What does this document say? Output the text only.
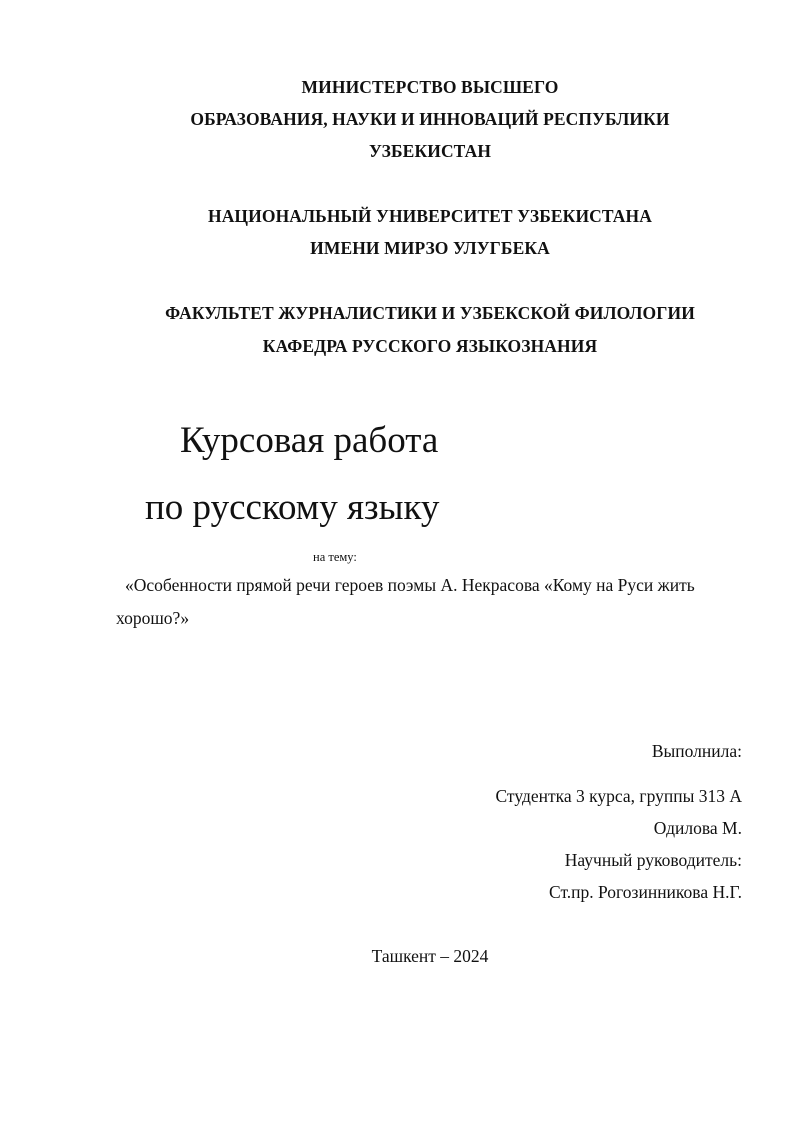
МИНИСТЕРСТВО ВЫСШЕГО
ОБРАЗОВАНИЯ, НАУКИ И ИННОВАЦИЙ РЕСПУБЛИКИ
УЗБЕКИСТАН
НАЦИОНАЛЬНЫЙ УНИВЕРСИТЕТ УЗБЕКИСТАНА
ИМЕНИ МИРЗО УЛУГБЕКА
ФАКУЛЬТЕТ ЖУРНАЛИСТИКИ И УЗБЕКСКОЙ ФИЛОЛОГИИ
КАФЕДРА РУССКОГО ЯЗЫКОЗНАНИЯ
Курсовая работа
по русскому языку
на тему:
«Особенности прямой речи героев поэмы А. Некрасова «Кому на Руси жить
хорошо?»
Выполнила:
Студентка 3 курса, группы 313 А
Одилова М.
Научный руководитель:
Ст.пр. Рогозинникова Н.Г.
Ташкент – 2024
